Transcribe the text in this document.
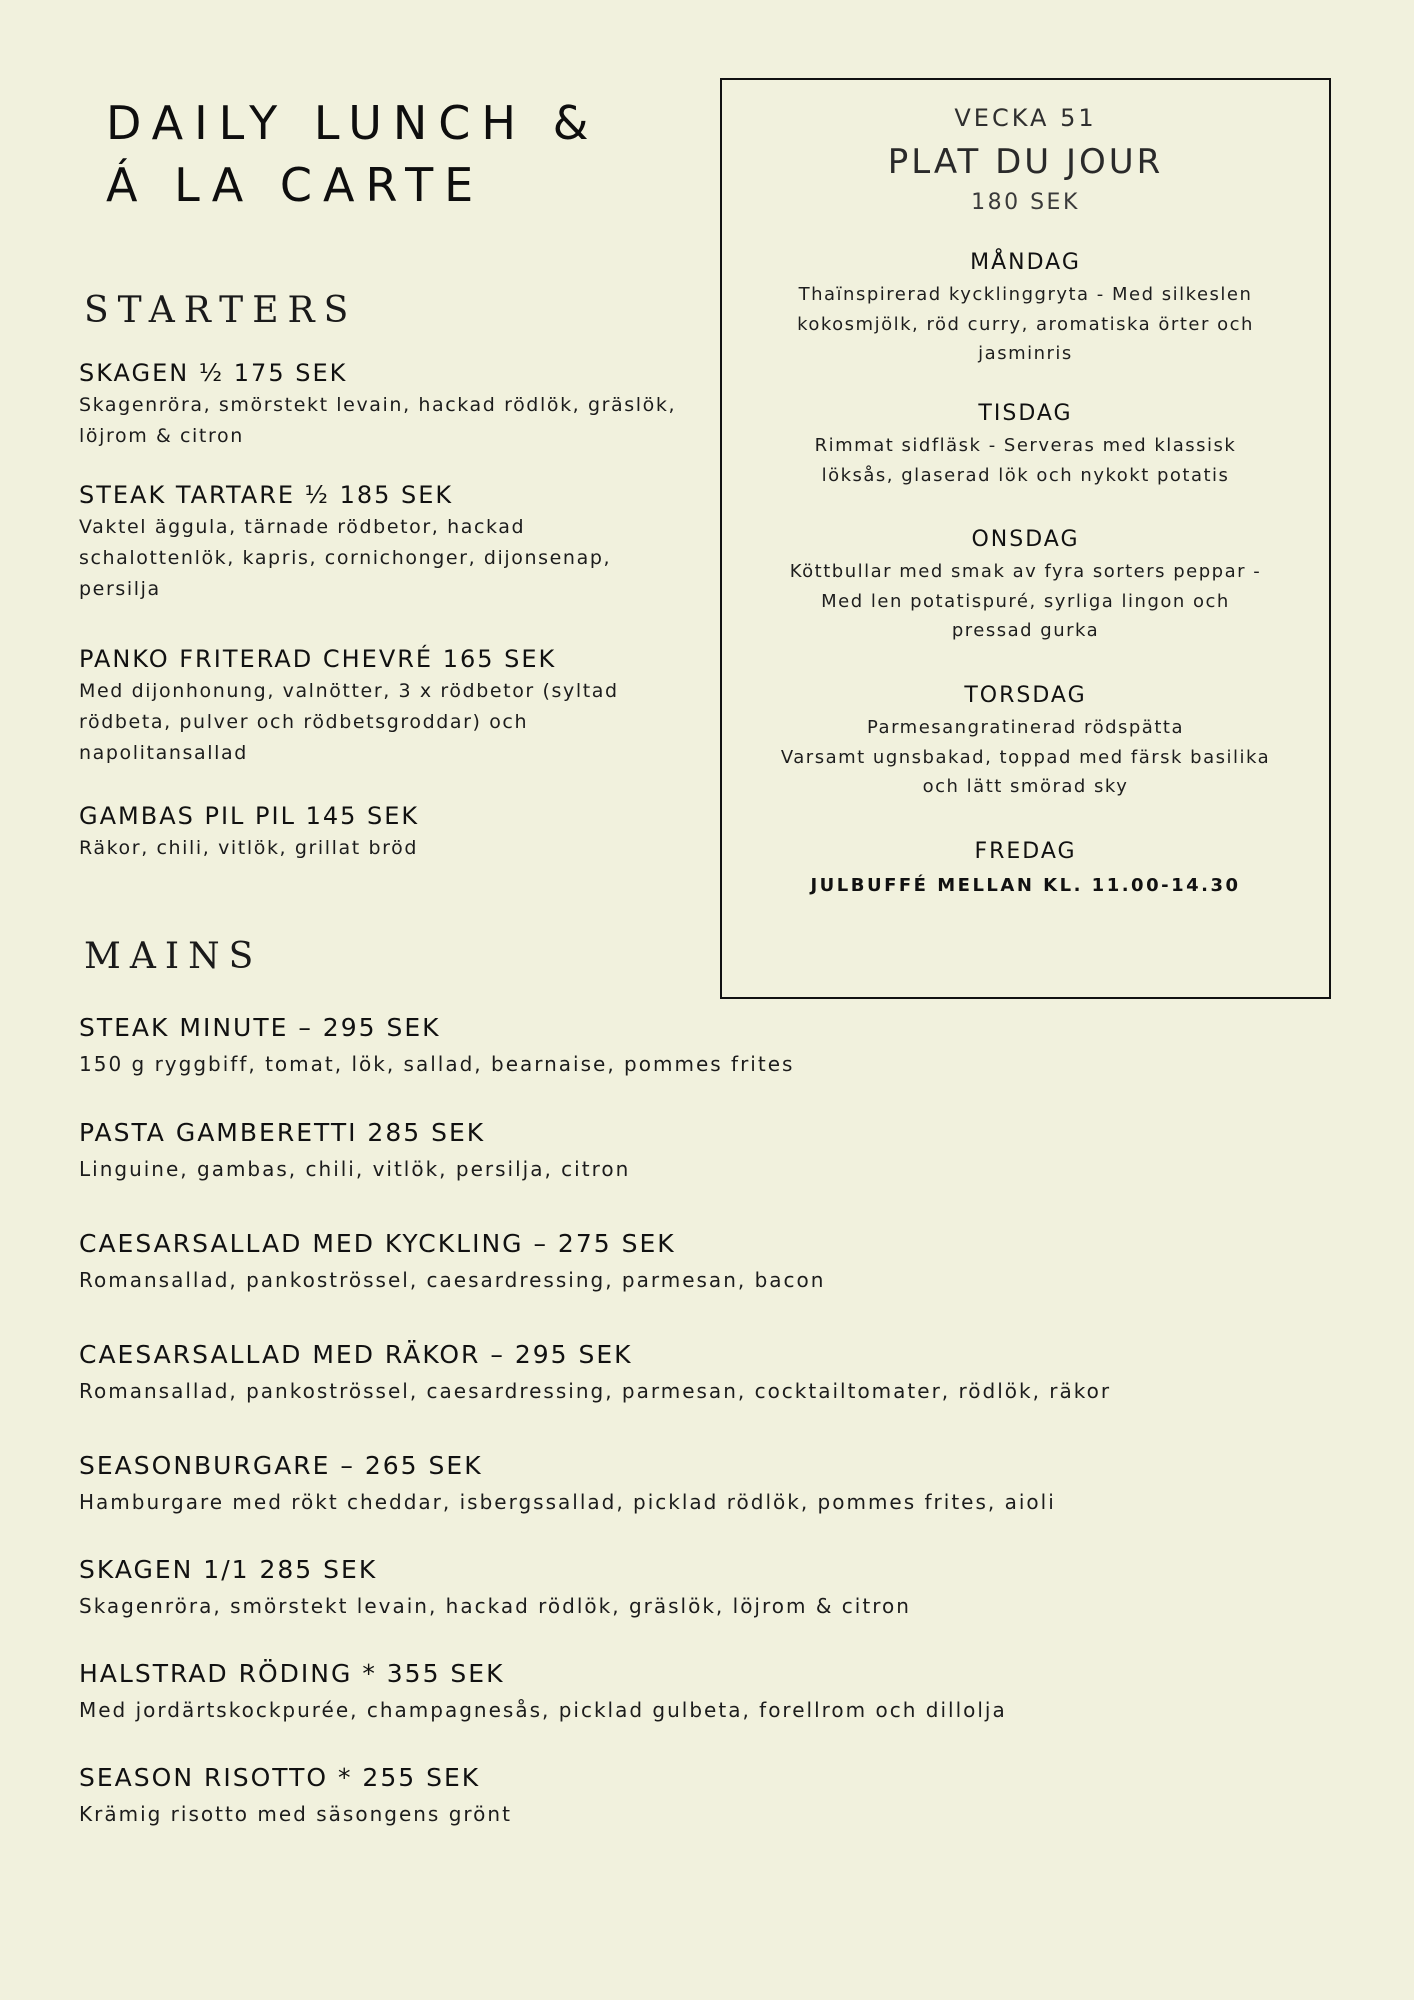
DAILY LUNCH &
Á LA CARTE
STARTERS
SKAGEN ½ 175 SEK
Skagenröra, smörstekt levain, hackad rödlök, gräslök, löjrom & citron
STEAK TARTARE ½ 185 SEK
Vaktel äggula, tärnade rödbetor, hackad schalottenlök, kapris, cornichonger, dijonsenap, persilja
PANKO FRITERAD CHEVRÉ 165 SEK
Med dijonhonung, valnötter, 3 x rödbetor (syltad rödbeta, pulver och rödbetsgroddar) och napolitansallad
GAMBAS PIL PIL 145 SEK
Räkor, chili, vitlök, grillat bröd
MAINS
STEAK MINUTE – 295 SEK
150 g ryggbiff, tomat, lök, sallad, bearnaise, pommes frites
PASTA GAMBERETTI 285 SEK
Linguine, gambas, chili, vitlök, persilja, citron
CAESARSALLAD MED KYCKLING – 275 SEK
Romansallad, pankoströssel, caesardressing, parmesan, bacon
CAESARSALLAD MED RÄKOR – 295 SEK
Romansallad, pankoströssel, caesardressing, parmesan, cocktailtomater, rödlök, räkor
SEASONBURGARE – 265 SEK
Hamburgare med rökt cheddar, isbergssallad, picklad rödlök, pommes frites, aioli
SKAGEN 1/1 285 SEK
Skagenröra, smörstekt levain, hackad rödlök, gräslök, löjrom & citron
HALSTRAD RÖDING * 355 SEK
Med jordärtskockpurée, champagnesås, picklad gulbeta, forellrom och dillolja
SEASON RISOTTO * 255 SEK
Krämig risotto med säsongens grönt
VECKA 51
PLAT DU JOUR
180 SEK
MÅNDAG
Thaïnspirerad kycklinggryta - Med silkeslen
kokosmjölk, röd curry, aromatiska örter och
jasminris
TISDAG
Rimmat sidfläsk - Serveras med klassisk
löksås, glaserad lök och nykokt potatis
ONSDAG
Köttbullar med smak av fyra sorters peppar -
Med len potatispuré, syrliga lingon och
pressad gurka
TORSDAG
Parmesangratinerad rödspätta
Varsamt ugnsbakad, toppad med färsk basilika
och lätt smörad sky
FREDAG
JULBUFFÉ MELLAN KL. 11.00-14.30
